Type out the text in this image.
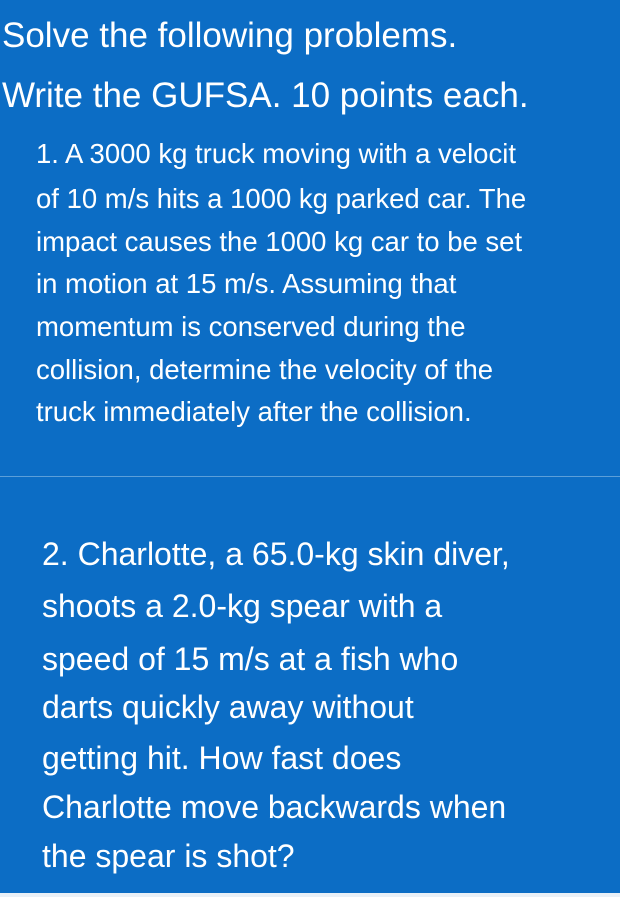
Solve the following problems.
Write the GUFSA. 10 points each.
1. A 3000 kg truck moving with a velocit
of 10 m/s hits a 1000 kg parked car. The
impact causes the 1000 kg car to be set
in motion at 15 m/s. Assuming that
momentum is conserved during the
collision, determine the velocity of the
truck immediately after the collision.
2. Charlotte, a 65.0-kg skin diver,
shoots a 2.0-kg spear with a
speed of 15 m/s at a fish who
darts quickly away without
getting hit. How fast does
Charlotte move backwards when
the spear is shot?
